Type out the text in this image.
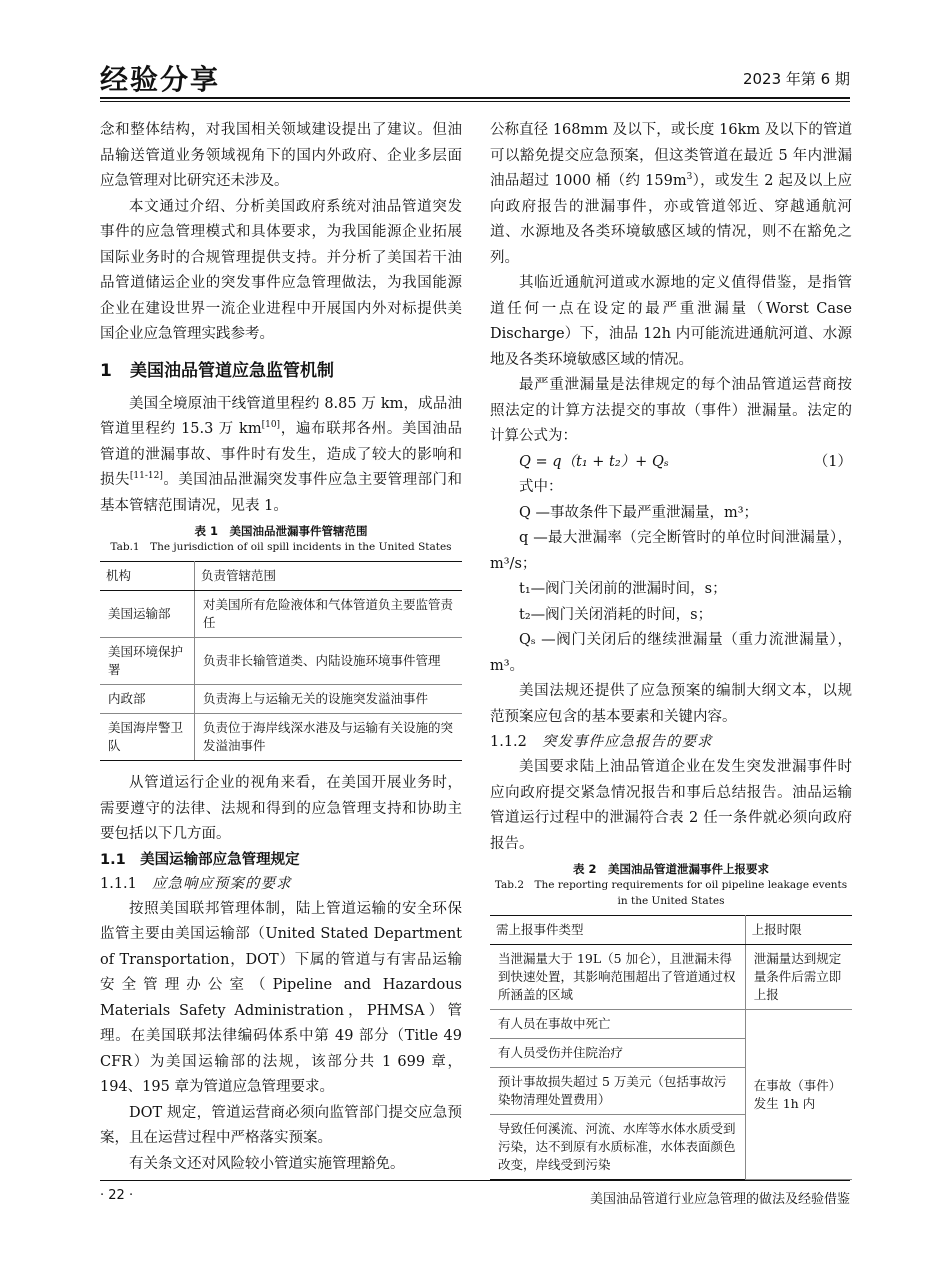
经验分享	2023 年第 6 期

念和整体结构，对我国相关领域建设提出了建议。但油品输送管道业务领域视角下的国内外政府、企业多层面应急管理对比研究还未涉及。

本文通过介绍、分析美国政府系统对油品管道突发事件的应急管理模式和具体要求，为我国能源企业拓展国际业务时的合规管理提供支持。并分析了美国若干油品管道储运企业的突发事件应急管理做法，为我国能源企业在建设世界一流企业进程中开展国内外对标提供美国企业应急管理实践参考。

1 美国油品管道应急监管机制

美国全境原油干线管道里程约 8.85 万 km，成品油管道里程约 15.3 万 km[10]，遍布联邦各州。美国油品管道的泄漏事故、事件时有发生，造成了较大的影响和损失[11-12]。美国油品泄漏突发事件应急主要管理部门和基本管辖范围请况，见表 1。

表 1　美国油品泄漏事件管辖范围
Tab.1　The jurisdiction of oil spill incidents in the United States
机构	负责管辖范围
美国运输部	对美国所有危险液体和气体管道负主要监管责任
美国环境保护署	负责非长输管道类、内陆设施环境事件管理
内政部	负责海上与运输无关的设施突发溢油事件
美国海岸警卫队	负责位于海岸线深水港及与运输有关设施的突发溢油事件

从管道运行企业的视角来看，在美国开展业务时，需要遵守的法律、法规和得到的应急管理支持和协助主要包括以下几方面。

1.1　美国运输部应急管理规定
1.1.1 应急响应预案的要求

按照美国联邦管理体制，陆上管道运输的安全环保监管主要由美国运输部（United Stated Department of Transportation，DOT）下属的管道与有害品运输安全管理办公室（Pipeline and Hazardous Materials Safety Administration，PHMSA）管理。在美国联邦法律编码体系中第 49 部分（Title 49 CFR）为美国运输部的法规，该部分共 1 699 章，194、195 章为管道应急管理要求。

DOT 规定，管道运营商必须向监管部门提交应急预案，且在运营过程中严格落实预案。

有关条文还对风险较小管道实施管理豁免。

公称直径 168mm 及以下，或长度 16km 及以下的管道可以豁免提交应急预案，但这类管道在最近 5 年内泄漏油品超过 1000 桶（约 $159m^3$），或发生 2 起及以上应向政府报告的泄漏事件，亦或管道邻近、穿越通航河道、水源地及各类环境敏感区域的情况，则不在豁免之列。

其临近通航河道或水源地的定义值得借鉴，是指管道任何一点在设定的最严重泄漏量（Worst Case Discharge）下，油品 12h 内可能流进通航河道、水源地及各类环境敏感区域的情况。

最严重泄漏量是法律规定的每个油品管道运营商按照法定的计算方法提交的事故（事件）泄漏量。法定的计算公式为：

Q = q（t₁ + t₂）+ Qₛ	（1）

式中：

Q —事故条件下最严重泄漏量，m³；

q —最大泄漏率（完全断管时的单位时间泄漏量），m³/s；

t₁—阀门关闭前的泄漏时间，s；

t₂—阀门关闭消耗的时间，s；

Qₛ —阀门关闭后的继续泄漏量（重力流泄漏量），m³。

美国法规还提供了应急预案的编制大纲文本，以规范预案应包含的基本要素和关键内容。

1.1.2 突发事件应急报告的要求

美国要求陆上油品管道企业在发生突发泄漏事件时应向政府提交紧急情况报告和事后总结报告。油品运输管道运行过程中的泄漏符合表 2 任一条件就必须向政府报告。

表 2　美国油品管道泄漏事件上报要求
Tab.2　The reporting requirements for oil pipeline leakage events in the United States
需上报事件类型	上报时限
当泄漏量大于 19L（5 加仑），且泄漏未得到快速处置，其影响范围超出了管道通过权所涵盖的区域	泄漏量达到规定量条件后需立即上报
有人员在事故中死亡	在事故（事件）发生 1h 内
有人员受伤并住院治疗	
预计事故损失超过 5 万美元（包括事故污染物清理处置费用）	
导致任何溪流、河流、水库等水体水质受到污染，达不到原有水质标准，水体表面颜色改变，岸线受到污染	
· 22 ·	美国油品管道行业应急管理的做法及经验借鉴
